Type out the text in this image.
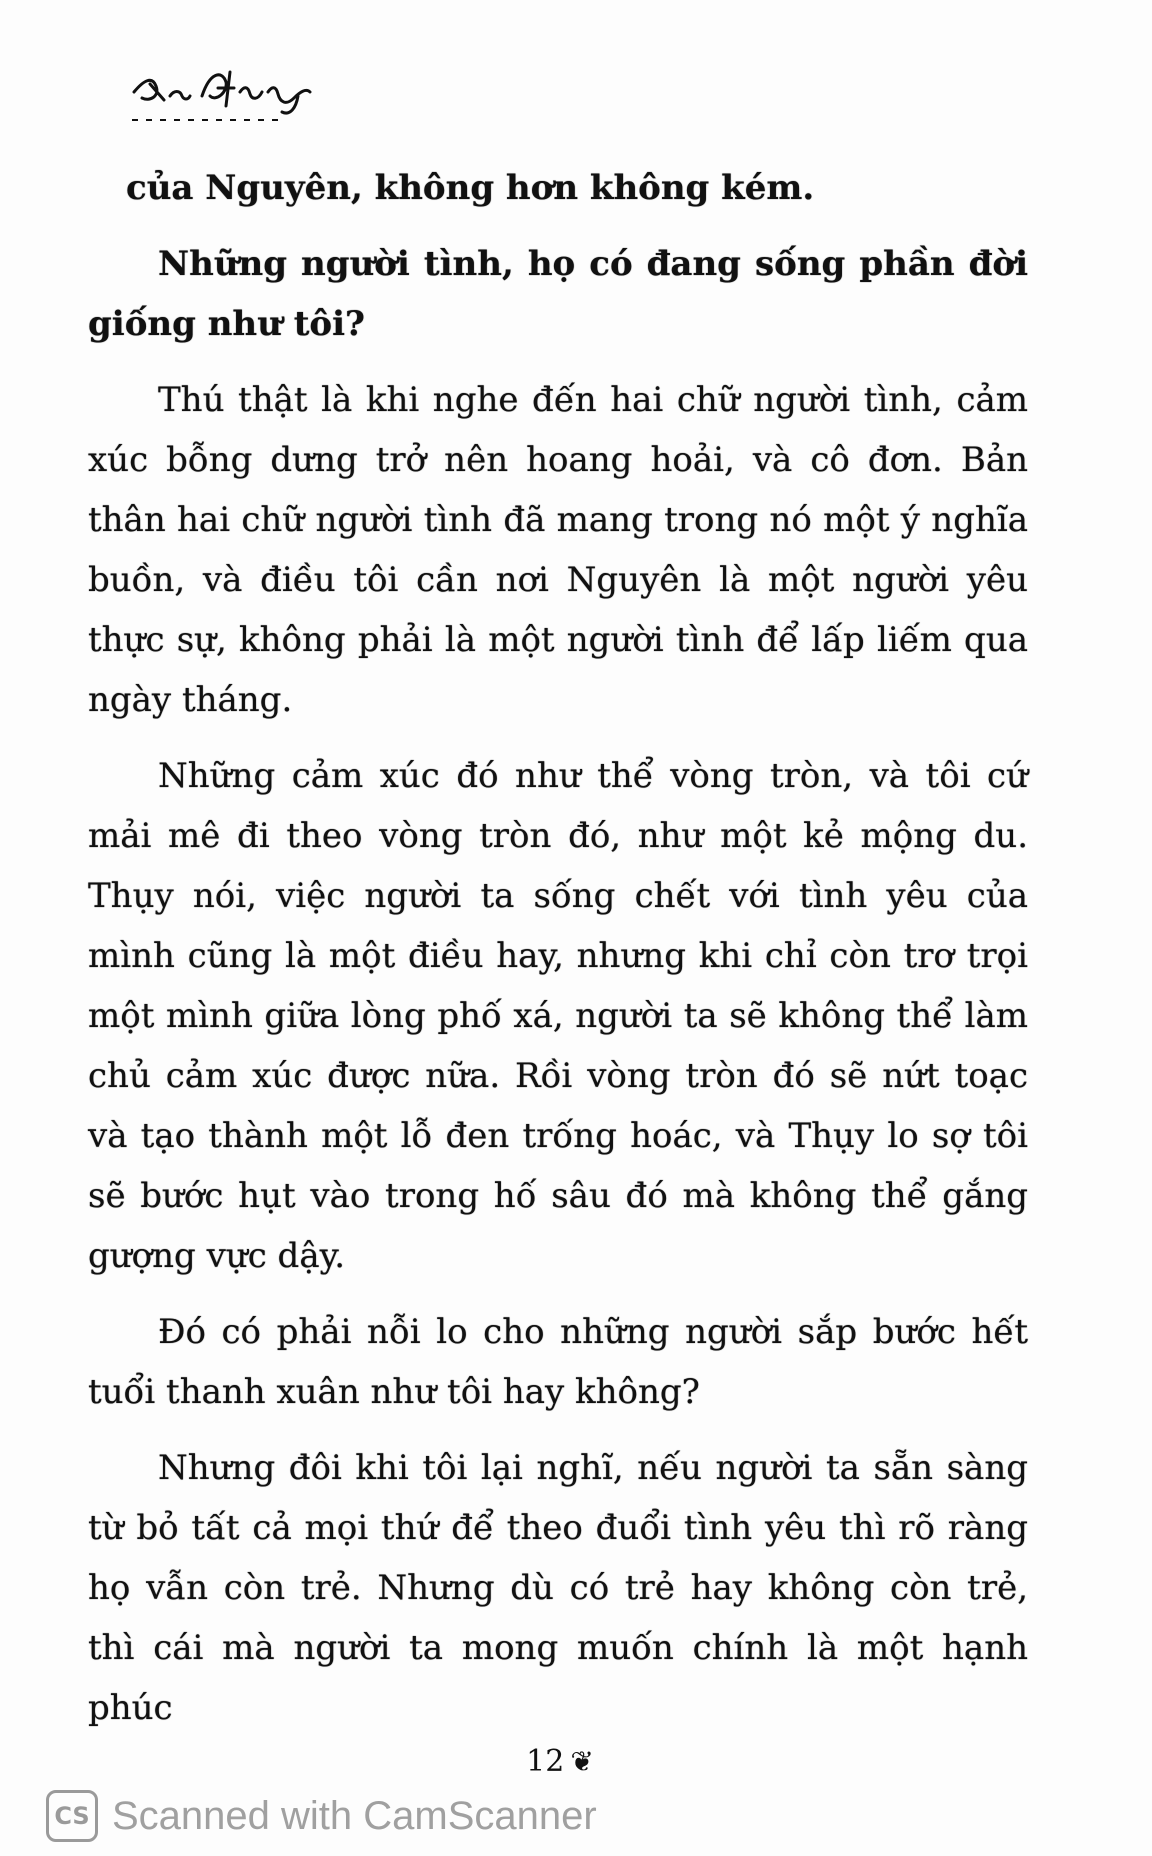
của Nguyên, không hơn không kém.

Những người tình, họ có đang sống phần đời giống như tôi?

Thú thật là khi nghe đến hai chữ người tình, cảm xúc bỗng dưng trở nên hoang hoải, và cô đơn. Bản thân hai chữ người tình đã mang trong nó một ý nghĩa buồn, và điều tôi cần nơi Nguyên là một người yêu thực sự, không phải là một người tình để lấp liếm qua ngày tháng.

Những cảm xúc đó như thể vòng tròn, và tôi cứ mải mê đi theo vòng tròn đó, như một kẻ mộng du. Thụy nói, việc người ta sống chết với tình yêu của mình cũng là một điều hay, nhưng khi chỉ còn trơ trọi một mình giữa lòng phố xá, người ta sẽ không thể làm chủ cảm xúc được nữa. Rồi vòng tròn đó sẽ nứt toạc và tạo thành một lỗ đen trống hoác, và Thụy lo sợ tôi sẽ bước hụt vào trong hố sâu đó mà không thể gắng gượng vực dậy.

Đó có phải nỗi lo cho những người sắp bước hết tuổi thanh xuân như tôi hay không?

Nhưng đôi khi tôi lại nghĩ, nếu người ta sẵn sàng từ bỏ tất cả mọi thứ để theo đuổi tình yêu thì rõ ràng họ vẫn còn trẻ. Nhưng dù có trẻ hay không còn trẻ, thì cái mà người ta mong muốn chính là một hạnh phúc

12 ❦
CS Scanned with CamScanner
